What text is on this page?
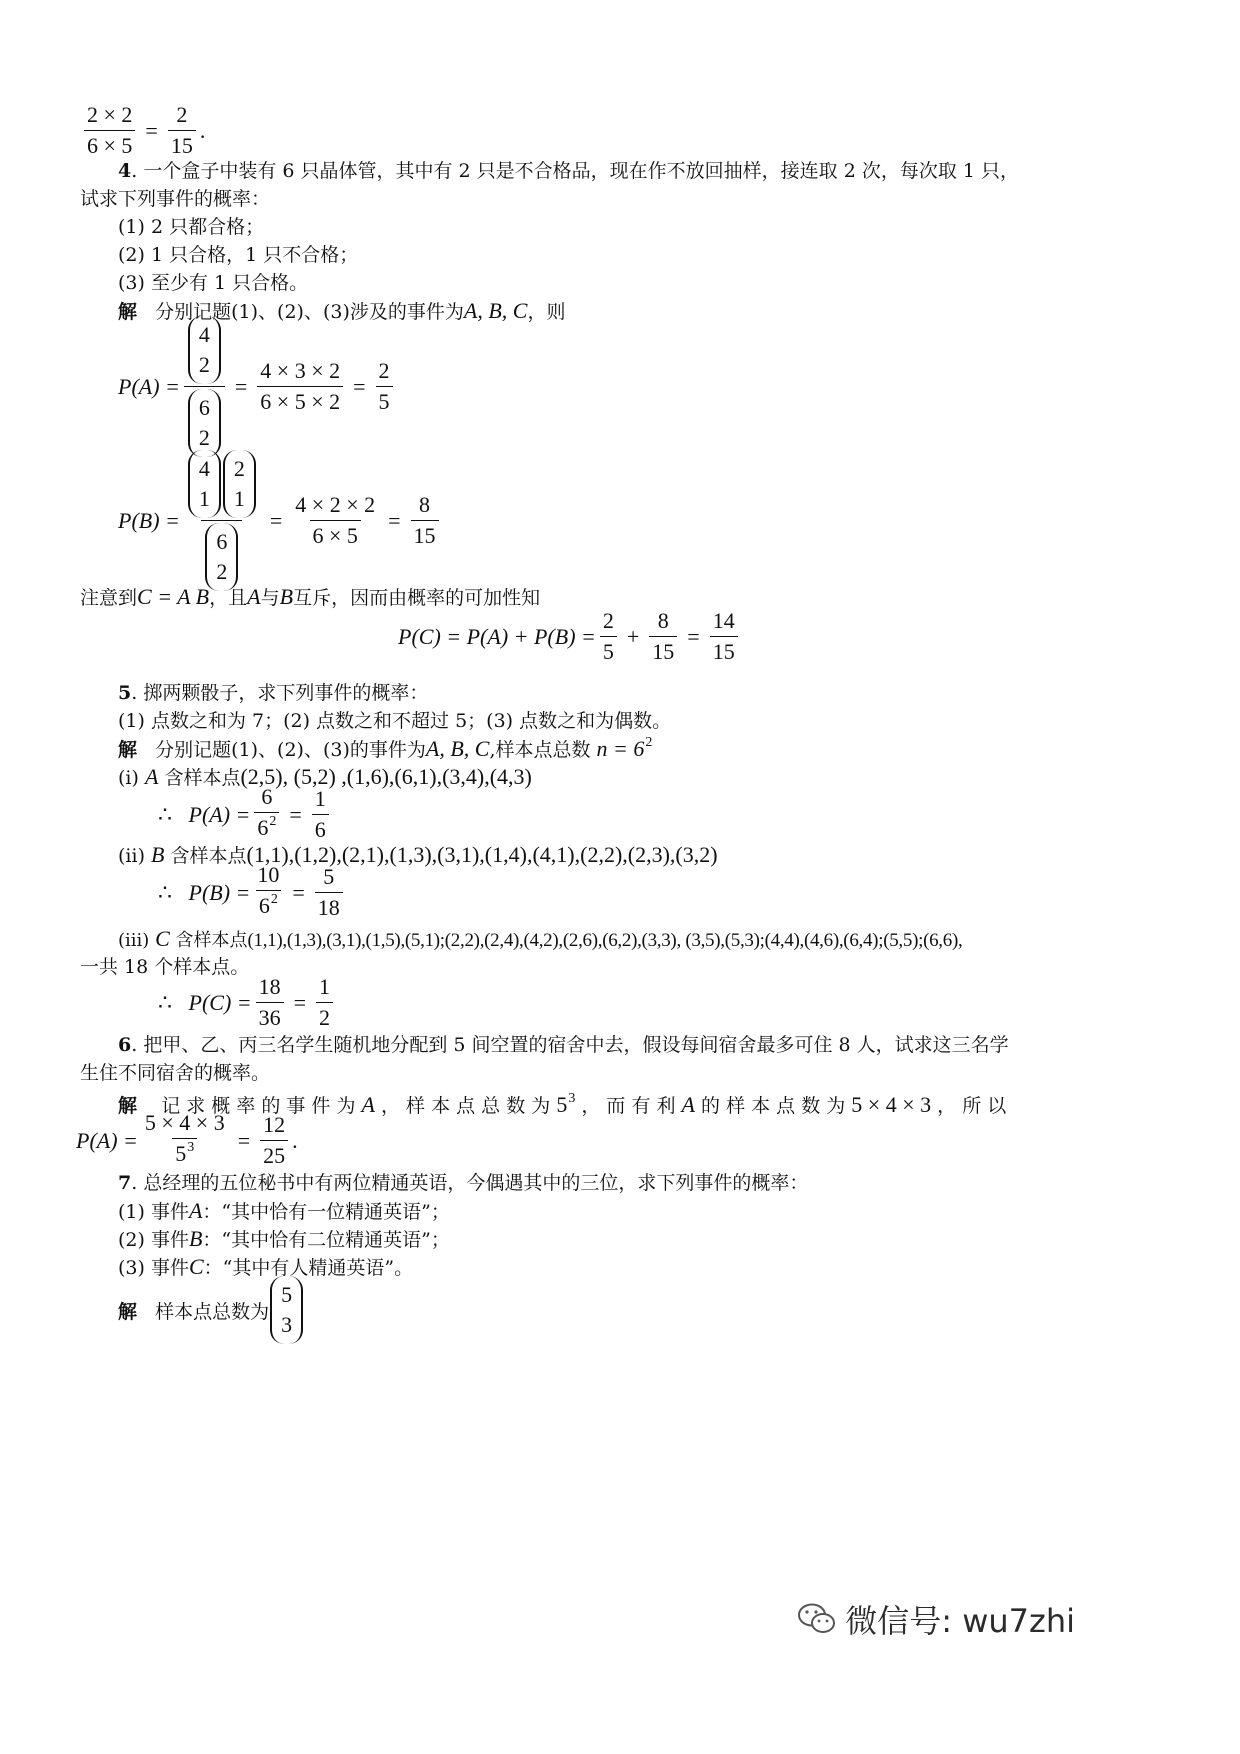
$\frac{2 \times 2}{6 \times 5} = \frac{2}{15}$ .
4. 一个盒子中装有 6 只晶体管，其中有 2 只是不合格品，现在作不放回抽样，接连取 2 次，每次取 1 只，
试求下列事件的概率：
(1) 2 只都合格；
(2) 1 只合格，1 只不合格；
(3) 至少有 1 只合格。
解 分别记题(1)、(2)、(3)涉及的事件为A, B, C，则
P(A) = 4
2
6
$2 = \frac{4 \times 3 \times 2}{6 \times 5 \times 2} = \frac{2}{5}$
P(B) = 4
1
2
1
6
$2 = \frac{4 \times 2 \times 2}{6 \times 5} = \frac{8}{15}$
注意到C = A B，且A与B互斥，因而由概率的可加性知
$P(C) = P(A) + P(B) = \frac{2}{5} + \frac{8}{15} = \frac{14}{15}$
5. 掷两颗骰子，求下列事件的概率：
(1) 点数之和为 7；(2) 点数之和不超过 5；(3) 点数之和为偶数。
解 分别记题(1)、(2)、(3)的事件为A, B, C,样本点总数 $n = 6^2$
(ⅰ) A 含样本点(2,5), (5,2) ,(1,6),(6,1),(3,4),(4,3)
∴
$P(A) = \frac{6}{6^2} = \frac{1}{6}$
(ⅱ) B 含样本点(1,1),(1,2),(2,1),(1,3),(3,1),(1,4),(4,1),(2,2),(2,3),(3,2)
∴
$P(B) = \frac{10}{6^2} = \frac{5}{18}$
(ⅲ) C 含样本点(1,1),(1,3),(3,1),(1,5),(5,1);(2,2),(2,4),(4,2),(2,6),(6,2),(3,3), (3,5),(5,3);(4,4),(4,6),(6,4);(5,5);(6,6),
一共 18 个样本点。
∴
$P(C) = \frac{18}{36} = \frac{1}{2}$
6. 把甲、乙、丙三名学生随机地分配到 5 间空置的宿舍中去，假设每间宿舍最多可住 8 人，试求这三名学
生住不同宿舍的概率。
解 记 求 概 率 的 事 件 为 A ， 样 本 点 总 数 为 $5^3$ ， 而 有 利 A 的 样 本 点 数 为 5 × 4 × 3 ， 所 以
$P(A) = \frac{5 \times 4 \times 3}{5^3} = \frac{12}{25}$ .
7. 总经理的五位秘书中有两位精通英语，今偶遇其中的三位，求下列事件的概率：
(1) 事件A：“其中恰有一位精通英语”；
(2) 事件B：“其中恰有二位精通英语”；
(3) 事件C：“其中有人精通英语”。
解
样本点总数为
5
3
微信号: wu7zhi
